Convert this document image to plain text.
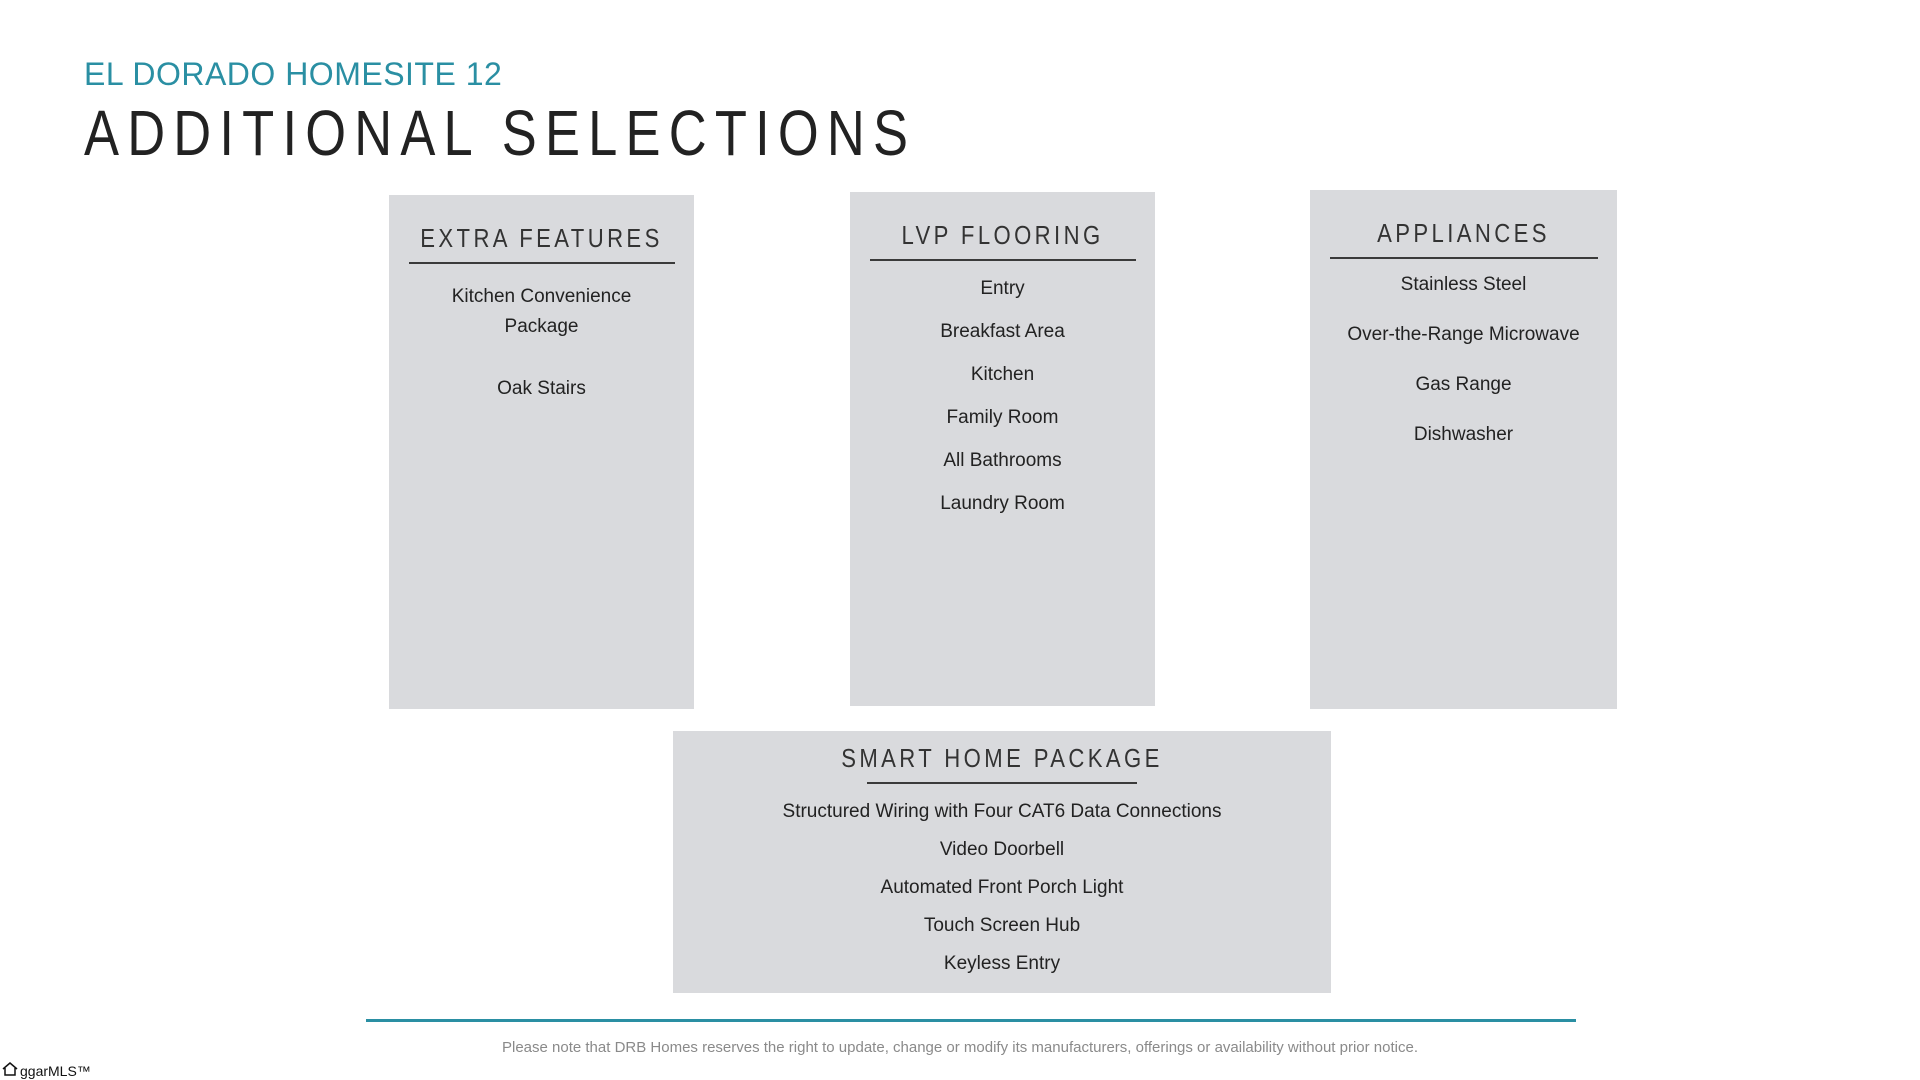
EL DORADO HOMESITE 12
ADDITIONAL SELECTIONS
EXTRA FEATURES
Kitchen Convenience
Package
Oak Stairs
LVP FLOORING
Entry
Breakfast Area
Kitchen
Family Room
All Bathrooms
Laundry Room
APPLIANCES
Stainless Steel
Over-the-Range Microwave
Gas Range
Dishwasher
SMART HOME PACKAGE
Structured Wiring with Four CAT6 Data Connections
Video Doorbell
Automated Front Porch Light
Touch Screen Hub
Keyless Entry
Please note that DRB Homes reserves the right to update, change or modify its manufacturers, offerings or availability without prior notice.
ggarMLS™
